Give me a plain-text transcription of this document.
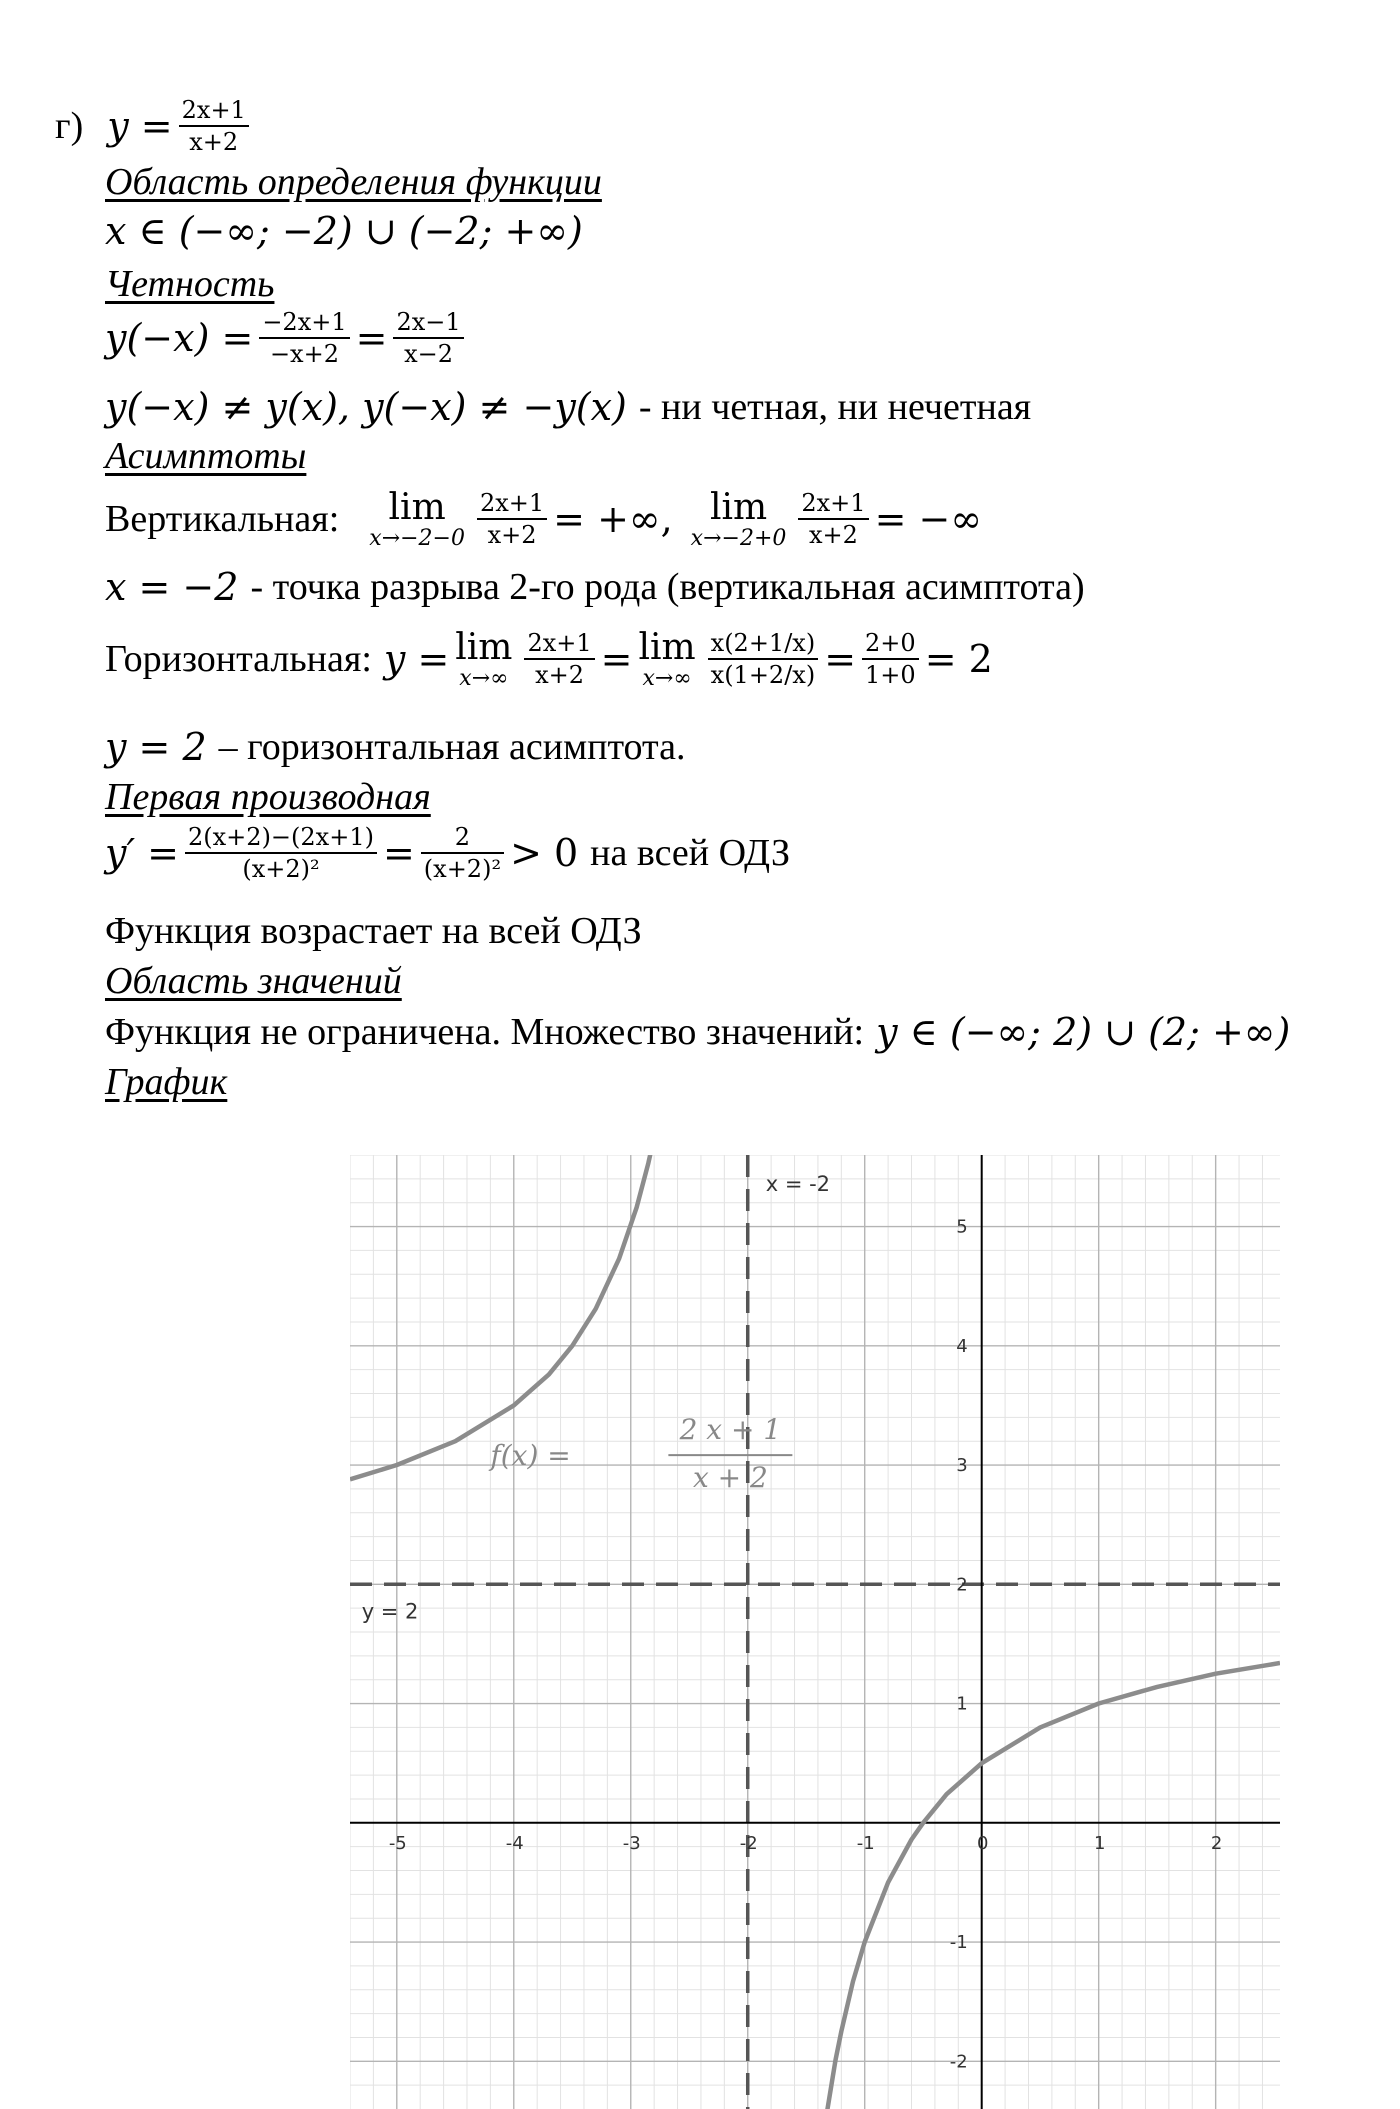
г) $y = \frac{2x+1}{x+2}$
Область определения функции
x ∈ (−∞; −2) ∪ (−2; +∞)
Четность
$y(-x) = \frac{-2x+1}{-x+2} = \frac{2x-1}{x-2}$
y(−x) ≠ y(x), y(−x) ≠ −y(x) - ни четная, ни нечетная
Асимптоты
Вертикальная: lim
$x\to-2-0 \frac{2x+1}{x+2}$ = +∞, lim
$x\to-2+0 \frac{2x+1}{x+2}$ = −∞
x = −2 - точка разрыва 2-го рода (вертикальная асимптота)
Горизонтальная: y = lim
$x\to\infty \frac{2x+1}{x+2} = \lim$
$x\to\infty \frac{x(2+1/x)}{x(1+2/x)} = \frac{2+0}{1+0} = 2$
y = 2 – горизонтальная асимптота.
Первая производная
$y' = \frac{2(x+2)-(2x+1)}{\text{(x+2)²}} = \frac{2}{\text{(x+2)²}} > 0$ на всей ОДЗ
Функция возрастает на всей ОДЗ
Область значений
Функция не ограничена. Множество значений: y ∈ (−∞; 2) ∪ (2; +∞)
График
-5	-4	-3	-2	-1	0	1	2
-2
-1
1
2
3
4
5
x = -2
y = 2
f(x) =
2 x + 1
x + 2
